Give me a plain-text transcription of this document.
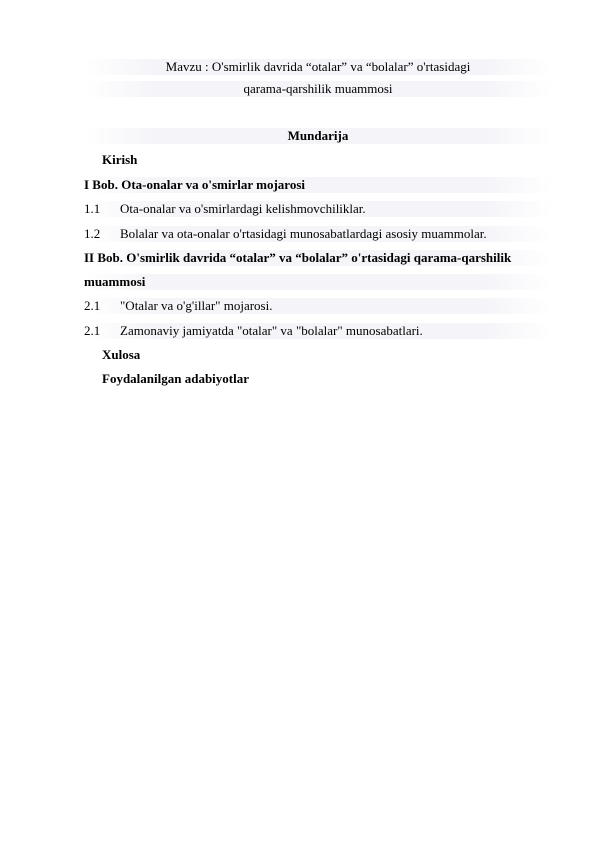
Mavzu : O'smirlik davrida “otalar” va “bolalar” o'rtasidagi
qarama-qarshilik muammosi
Mundarija
Kirish
I Bob. Ota-onalar va o'smirlar mojarosi
1.1 Ota-onalar va o'smirlardagi kelishmovchiliklar.
1.2 Bolalar va ota-onalar o'rtasidagi munosabatlardagi asosiy muammolar.
II Bob. O'smirlik davrida “otalar” va “bolalar” o'rtasidagi qarama-qarshilik
muammosi
2.1 "Otalar va o'g'illar" mojarosi.
2.1 Zamonaviy jamiyatda "otalar" va "bolalar" munosabatlari.
Xulosa
Foydalanilgan adabiyotlar
